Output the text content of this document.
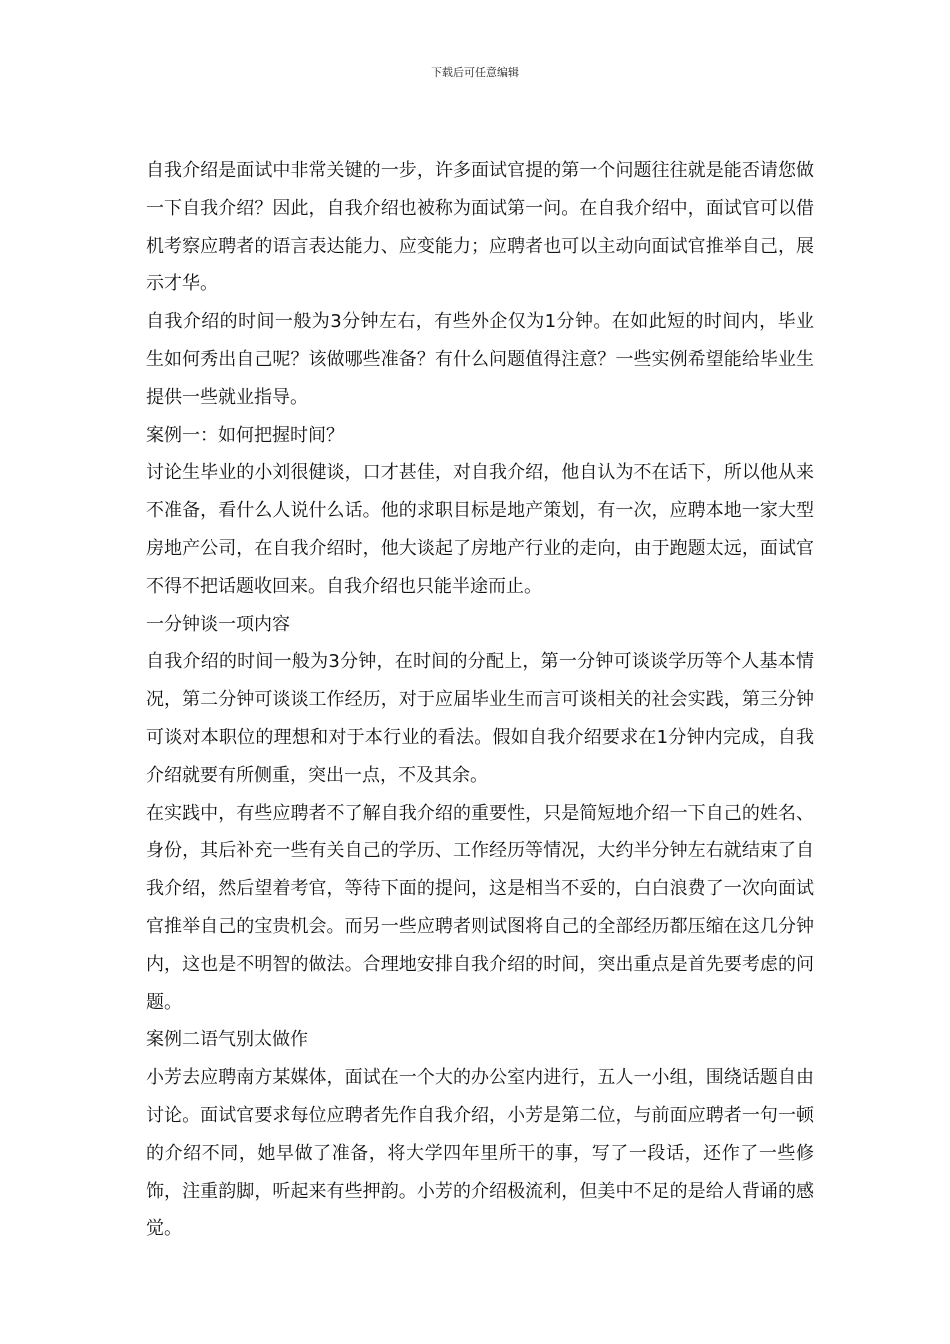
下载后可任意编辑

自我介绍是面试中非常关键的一步，许多面试官提的第一个问题往往就是能否请您做一下自我介绍？因此，自我介绍也被称为面试第一问。在自我介绍中，面试官可以借机考察应聘者的语言表达能力、应变能力；应聘者也可以主动向面试官推举自己，展示才华。

自我介绍的时间一般为3分钟左右，有些外企仅为1分钟。在如此短的时间内，毕业生如何秀出自己呢？该做哪些准备？有什么问题值得注意？一些实例希望能给毕业生提供一些就业指导。

案例一：如何把握时间？

讨论生毕业的小刘很健谈，口才甚佳，对自我介绍，他自认为不在话下，所以他从来不准备，看什么人说什么话。他的求职目标是地产策划，有一次，应聘本地一家大型房地产公司，在自我介绍时，他大谈起了房地产行业的走向，由于跑题太远，面试官不得不把话题收回来。自我介绍也只能半途而止。

一分钟谈一项内容

自我介绍的时间一般为3分钟，在时间的分配上，第一分钟可谈谈学历等个人基本情况，第二分钟可谈谈工作经历，对于应届毕业生而言可谈相关的社会实践，第三分钟可谈对本职位的理想和对于本行业的看法。假如自我介绍要求在1分钟内完成，自我介绍就要有所侧重，突出一点，不及其余。

在实践中，有些应聘者不了解自我介绍的重要性，只是简短地介绍一下自己的姓名、身份，其后补充一些有关自己的学历、工作经历等情况，大约半分钟左右就结束了自我介绍，然后望着考官，等待下面的提问，这是相当不妥的，白白浪费了一次向面试官推举自己的宝贵机会。而另一些应聘者则试图将自己的全部经历都压缩在这几分钟内，这也是不明智的做法。合理地安排自我介绍的时间，突出重点是首先要考虑的问题。

案例二语气别太做作

小芳去应聘南方某媒体，面试在一个大的办公室内进行，五人一小组，围绕话题自由讨论。面试官要求每位应聘者先作自我介绍，小芳是第二位，与前面应聘者一句一顿的介绍不同，她早做了准备，将大学四年里所干的事，写了一段话，还作了一些修饰，注重韵脚，听起来有些押韵。小芳的介绍极流利，但美中不足的是给人背诵的感觉。
